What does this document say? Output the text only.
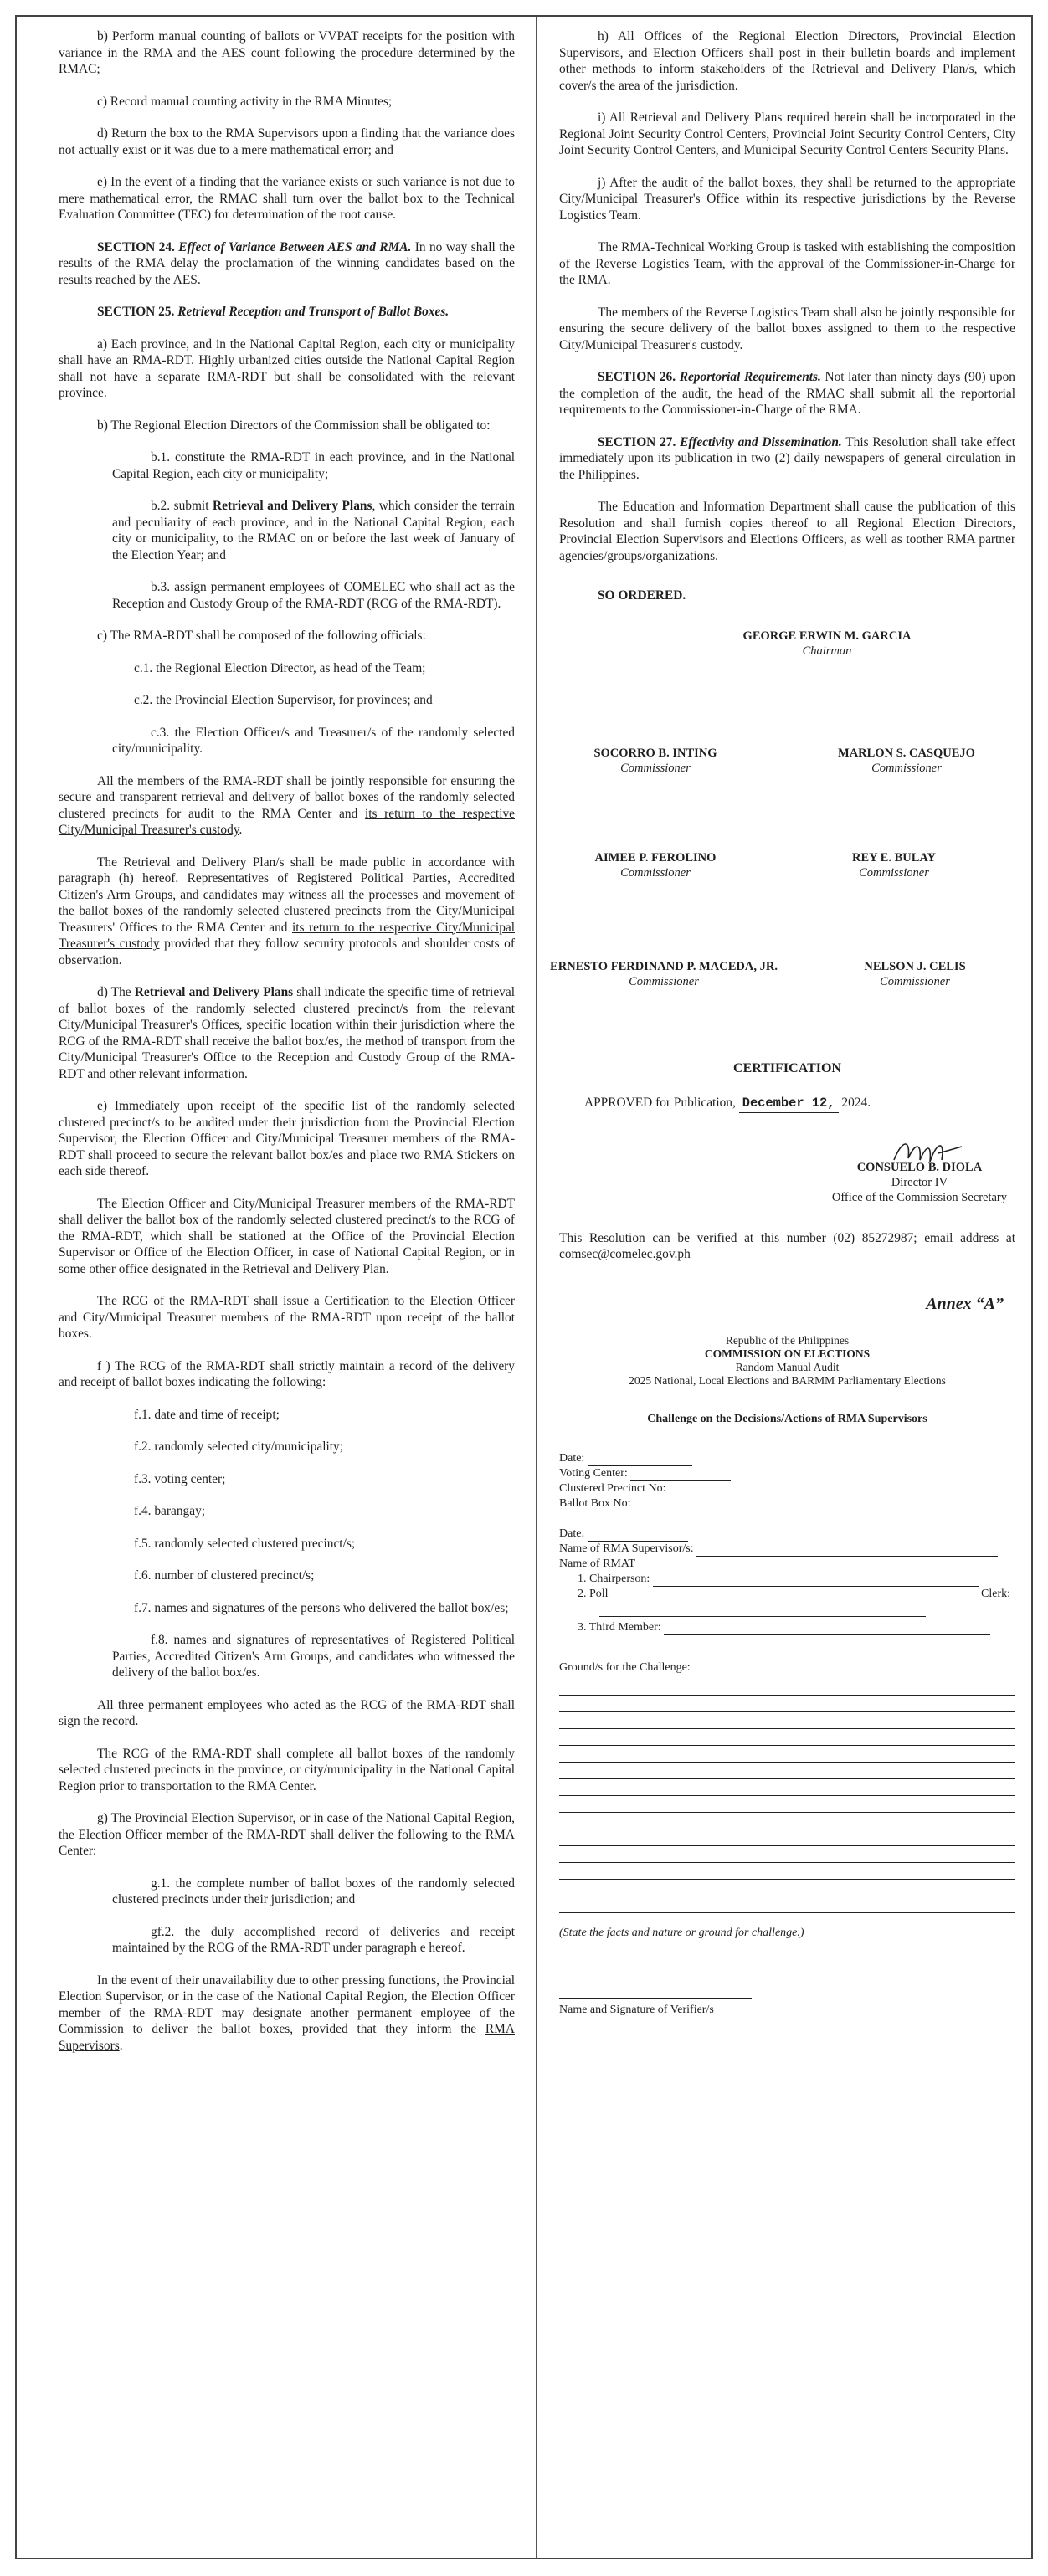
b) Perform manual counting of ballots or VVPAT receipts for the position with variance in the RMA and the AES count following the procedure determined by the RMAC;

c) Record manual counting activity in the RMA Minutes;

d) Return the box to the RMA Supervisors upon a finding that the variance does not actually exist or it was due to a mere mathematical error; and

e) In the event of a finding that the variance exists or such variance is not due to mere mathematical error, the RMAC shall turn over the ballot box to the Technical Evaluation Committee (TEC) for determination of the root cause.

SECTION 24. Effect of Variance Between AES and RMA. In no way shall the results of the RMA delay the proclamation of the winning candidates based on the results reached by the AES.

SECTION 25. Retrieval Reception and Transport of Ballot Boxes.

a) Each province, and in the National Capital Region, each city or municipality shall have an RMA-RDT. Highly urbanized cities outside the National Capital Region shall not have a separate RMA-RDT but shall be consolidated with the relevant province.

b) The Regional Election Directors of the Commission shall be obligated to:

b.1. constitute the RMA-RDT in each province, and in the National Capital Region, each city or municipality;

b.2. submit Retrieval and Delivery Plans, which consider the terrain and peculiarity of each province, and in the National Capital Region, each city or municipality, to the RMAC on or before the last week of January of the Election Year; and

b.3. assign permanent employees of COMELEC who shall act as the Reception and Custody Group of the RMA-RDT (RCG of the RMA-RDT).

c) The RMA-RDT shall be composed of the following officials:

c.1. the Regional Election Director, as head of the Team;

c.2. the Provincial Election Supervisor, for provinces; and

c.3. the Election Officer/s and Treasurer/s of the randomly selected city/municipality.

All the members of the RMA-RDT shall be jointly responsible for ensuring the secure and transparent retrieval and delivery of ballot boxes of the randomly selected clustered precincts for audit to the RMA Center and its return to the respective City/Municipal Treasurer's custody.

The Retrieval and Delivery Plan/s shall be made public in accordance with paragraph (h) hereof. Representatives of Registered Political Parties, Accredited Citizen's Arm Groups, and candidates may witness all the processes and movement of the ballot boxes of the randomly selected clustered precincts from the City/Municipal Treasurers' Offices to the RMA Center and its return to the respective City/Municipal Treasurer's custody provided that they follow security protocols and shoulder costs of observation.

d) The Retrieval and Delivery Plans shall indicate the specific time of retrieval of ballot boxes of the randomly selected clustered precinct/s from the relevant City/Municipal Treasurer's Offices, specific location within their jurisdiction where the RCG of the RMA-RDT shall receive the ballot box/es, the method of transport from the City/Municipal Treasurer's Office to the Reception and Custody Group of the RMA-RDT and other relevant information.

e) Immediately upon receipt of the specific list of the randomly selected clustered precinct/s to be audited under their jurisdiction from the Provincial Election Supervisor, the Election Officer and City/Municipal Treasurer members of the RMA-RDT shall proceed to secure the relevant ballot box/es and place two RMA Stickers on each side thereof.

The Election Officer and City/Municipal Treasurer members of the RMA-RDT shall deliver the ballot box of the randomly selected clustered precinct/s to the RCG of the RMA-RDT, which shall be stationed at the Office of the Provincial Election Supervisor or Office of the Election Officer, in case of National Capital Region, or in some other office designated in the Retrieval and Delivery Plan.

The RCG of the RMA-RDT shall issue a Certification to the Election Officer and City/Municipal Treasurer members of the RMA-RDT upon receipt of the ballot boxes.

f ) The RCG of the RMA-RDT shall strictly maintain a record of the delivery and receipt of ballot boxes indicating the following:

f.1. date and time of receipt;

f.2. randomly selected city/municipality;

f.3. voting center;

f.4. barangay;

f.5. randomly selected clustered precinct/s;

f.6. number of clustered precinct/s;

f.7. names and signatures of the persons who delivered the ballot box/es;

f.8. names and signatures of representatives of Registered Political Parties, Accredited Citizen's Arm Groups, and candidates who witnessed the delivery of the ballot box/es.

All three permanent employees who acted as the RCG of the RMA-RDT shall sign the record.

The RCG of the RMA-RDT shall complete all ballot boxes of the randomly selected clustered precincts in the province, or city/municipality in the National Capital Region prior to transportation to the RMA Center.

g) The Provincial Election Supervisor, or in case of the National Capital Region, the Election Officer member of the RMA-RDT shall deliver the following to the RMA Center:

g.1. the complete number of ballot boxes of the randomly selected clustered precincts under their jurisdiction; and

gf.2. the duly accomplished record of deliveries and receipt maintained by the RCG of the RMA-RDT under paragraph e hereof.

In the event of their unavailability due to other pressing functions, the Provincial Election Supervisor, or in the case of the National Capital Region, the Election Officer member of the RMA-RDT may designate another permanent employee of the Commission to deliver the ballot boxes, provided that they inform the RMA Supervisors.

h) All Offices of the Regional Election Directors, Provincial Election Supervisors, and Election Officers shall post in their bulletin boards and implement other methods to inform stakeholders of the Retrieval and Delivery Plan/s, which cover/s the area of the jurisdiction.

i) All Retrieval and Delivery Plans required herein shall be incorporated in the Regional Joint Security Control Centers, Provincial Joint Security Control Centers, City Joint Security Control Centers, and Municipal Security Control Centers Security Plans.

j) After the audit of the ballot boxes, they shall be returned to the appropriate City/Municipal Treasurer's Office within its respective jurisdictions by the Reverse Logistics Team.

The RMA-Technical Working Group is tasked with establishing the composition of the Reverse Logistics Team, with the approval of the Commissioner-in-Charge for the RMA.

The members of the Reverse Logistics Team shall also be jointly responsible for ensuring the secure delivery of the ballot boxes assigned to them to the respective City/Municipal Treasurer's custody.

SECTION 26. Reportorial Requirements. Not later than ninety days (90) upon the completion of the audit, the head of the RMAC shall submit all the reportorial requirements to the Commissioner-in-Charge of the RMA.

SECTION 27. Effectivity and Dissemination. This Resolution shall take effect immediately upon its publication in two (2) daily newspapers of general circulation in the Philippines.

The Education and Information Department shall cause the publication of this Resolution and shall furnish copies thereof to all Regional Election Directors, Provincial Election Supervisors and Elections Officers, as well as toother RMA partner agencies/groups/organizations.

SO ORDERED.

GEORGE ERWIN M. GARCIA
Chairman
SOCORRO B. INTING
Commissioner
MARLON S. CASQUEJO
Commissioner
AIMEE P. FEROLINO
Commissioner
REY E. BULAY
Commissioner
ERNESTO FERDINAND P. MACEDA, JR.
Commissioner
NELSON J. CELIS
Commissioner
CERTIFICATION
APPROVED for Publication, December 12, 2024.
CONSUELO B. DIOLA
Director IV
Office of the Commission Secretary

This Resolution can be verified at this number (02) 85272987; email address at comsec@comelec.gov.ph

Annex “A”
Republic of the Philippines
COMMISSION ON ELECTIONS
Random Manual Audit
2025 National, Local Elections and BARMM Parliamentary Elections
Challenge on the Decisions/Actions of RMA Supervisors
Date:
Voting Center:
Clustered Precinct No:
Ballot Box No:
Date:
Name of RMA Supervisor/s:
Name of RMAT
1. Chairperson:
2. Poll	Clerk:
3. Third Member:
Ground/s for the Challenge:
(State the facts and nature or ground for challenge.)
Name and Signature of Verifier/s
